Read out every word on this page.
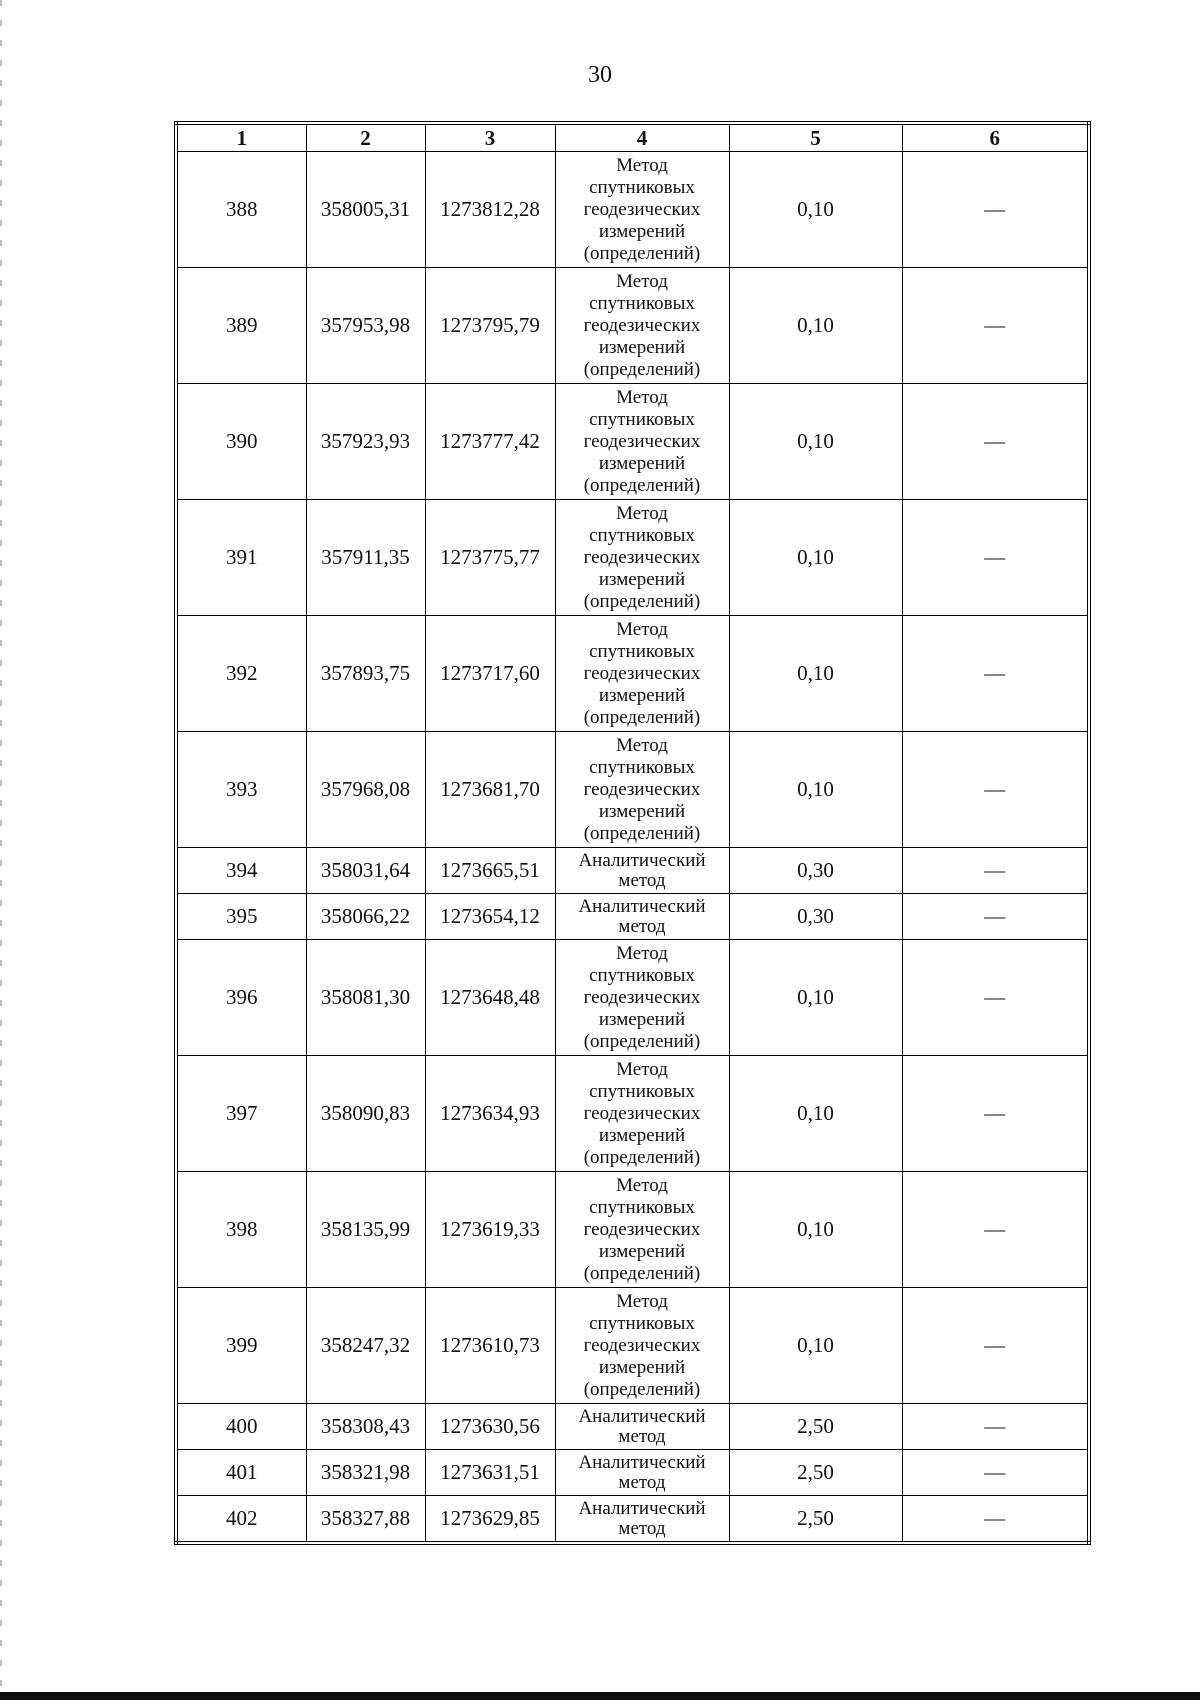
30
1	2	3	4	5	6
388	358005,31	1273812,28	Метод
спутниковых
геодезических
измерений
(определений)	0,10	—
389	357953,98	1273795,79	Метод
спутниковых
геодезических
измерений
(определений)	0,10	—
390	357923,93	1273777,42	Метод
спутниковых
геодезических
измерений
(определений)	0,10	—
391	357911,35	1273775,77	Метод
спутниковых
геодезических
измерений
(определений)	0,10	—
392	357893,75	1273717,60	Метод
спутниковых
геодезических
измерений
(определений)	0,10	—
393	357968,08	1273681,70	Метод
спутниковых
геодезических
измерений
(определений)	0,10	—
394	358031,64	1273665,51	Аналитический
метод	0,30	—
395	358066,22	1273654,12	Аналитический
метод	0,30	—
396	358081,30	1273648,48	Метод
спутниковых
геодезических
измерений
(определений)	0,10	—
397	358090,83	1273634,93	Метод
спутниковых
геодезических
измерений
(определений)	0,10	—
398	358135,99	1273619,33	Метод
спутниковых
геодезических
измерений
(определений)	0,10	—
399	358247,32	1273610,73	Метод
спутниковых
геодезических
измерений
(определений)	0,10	—
400	358308,43	1273630,56	Аналитический
метод	2,50	—
401	358321,98	1273631,51	Аналитический
метод	2,50	—
402	358327,88	1273629,85	Аналитический
метод	2,50	—
